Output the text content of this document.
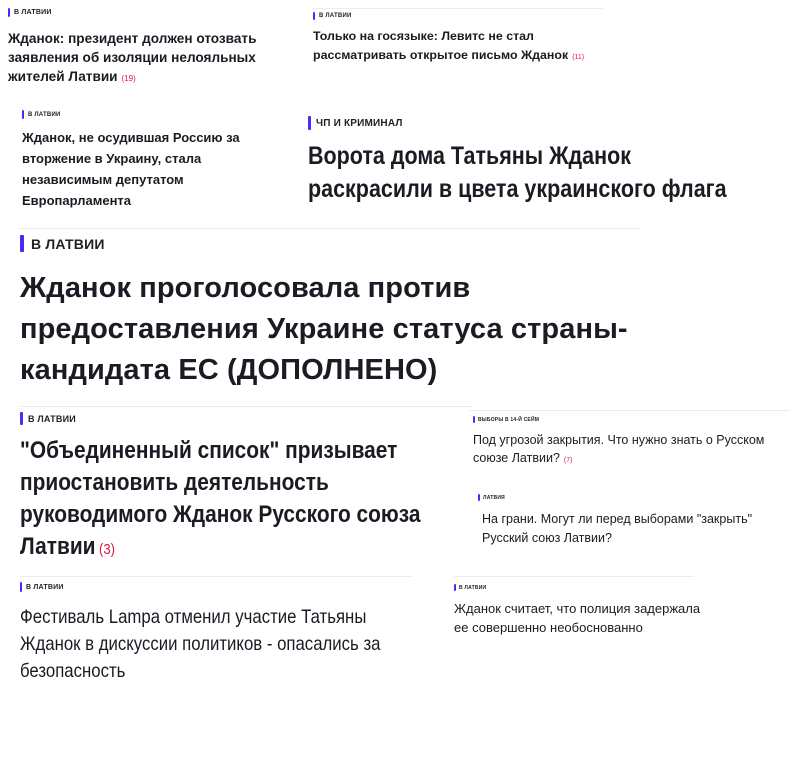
В ЛАТВИИ

Жданок: президент должен отозвать заявления об изоляции нелояльных жителей Латвии (19)

В ЛАТВИИ

Только на госязыке: Левитс не стал рассматривать открытое письмо Жданок (11)

В ЛАТВИИ

Жданок, не осудившая Россию за вторжение в Украину, стала независимым депутатом Европарламента

ЧП И КРИМИНАЛ

Ворота дома Татьяны Жданок раскрасили в цвета украинского флага

В ЛАТВИИ

Жданок проголосовала против предоставления Украине статуса страны-кандидата ЕС (ДОПОЛНЕНО)

В ЛАТВИИ

"Объединенный список" призывает приостановить деятельность руководимого Жданок Русского союза Латвии (3)

ВЫБОРЫ В 14-Й СЕЙМ

Под угрозой закрытия. Что нужно знать о Русском союзе Латвии? (7)

ЛАТВИЯ

На грани. Могут ли перед выборами "закрыть" Русский союз Латвии?

В ЛАТВИИ

Фестиваль Lampa отменил участие Татьяны Жданок в дискуссии политиков - опасались за безопасность

В ЛАТВИИ

Жданок считает, что полиция задержала ее совершенно необоснованно
